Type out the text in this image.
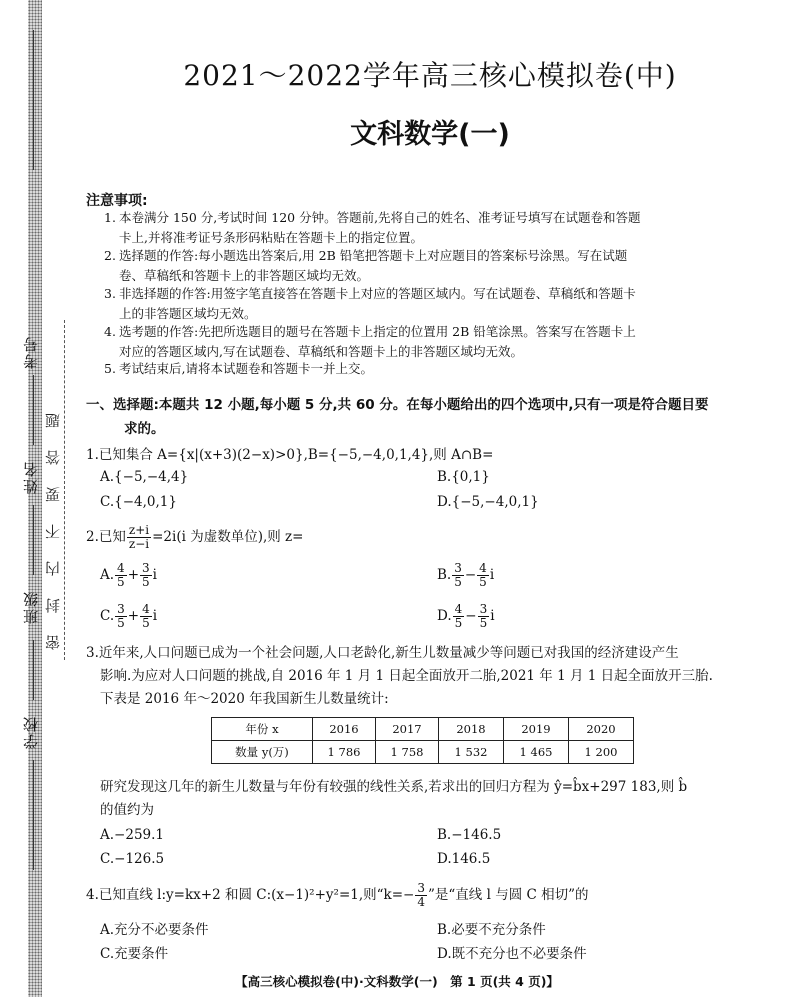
学校
班级
姓名
考号
密封内不要答题
2021～2022学年高三核心模拟卷(中)
文科数学(一)
注意事项:
1. 本卷满分 150 分,考试时间 120 分钟。答题前,先将自己的姓名、准考证号填写在试题卷和答题
卡上,并将准考证号条形码粘贴在答题卡上的指定位置。
2. 选择题的作答:每小题选出答案后,用 2B 铅笔把答题卡上对应题目的答案标号涂黑。写在试题
卷、草稿纸和答题卡上的非答题区域均无效。
3. 非选择题的作答:用签字笔直接答在答题卡上对应的答题区域内。写在试题卷、草稿纸和答题卡
上的非答题区域均无效。
4. 选考题的作答:先把所选题目的题号在答题卡上指定的位置用 2B 铅笔涂黑。答案写在答题卡上
对应的答题区域内,写在试题卷、草稿纸和答题卡上的非答题区域均无效。
5. 考试结束后,请将本试题卷和答题卡一并上交。
一、选择题:本题共 12 小题,每小题 5 分,共 60 分。在每小题给出的四个选项中,只有一项是符合题目要
求的。
1.已知集合 A={x|(x+3)(2−x)>0},B={−5,−4,0,1,4},则 A∩B=
A.{−5,−4,4}	B.{0,1}
C.{−4,0,1}	D.{−5,−4,0,1}
2.已知 $\frac{z+i}{z-i} =2i(i$ 为虚数单位),则 z=
A. $\frac{4}{5} + \frac{3}{5}$ i	B. $\frac{3}{5} - \frac{4}{5}$ i
C. $\frac{3}{5} + \frac{4}{5}$ i	D. $\frac{4}{5} - \frac{3}{5}$ i
3.近年来,人口问题已成为一个社会问题,人口老龄化,新生儿数量减少等问题已对我国的经济建设产生
影响.为应对人口问题的挑战,自 2016 年 1 月 1 日起全面放开二胎,2021 年 1 月 1 日起全面放开三胎.
下表是 2016 年～2020 年我国新生儿数量统计:
年份 x	2016	2017	2018	2019	2020
数量 y(万)	1 786	1 758	1 532	1 465	1 200
研究发现这几年的新生儿数量与年份有较强的线性关系,若求出的回归方程为 ŷ=b̂x+297 183,则 b̂
的值约为
A.−259.1	B.−146.5
C.−126.5	D.146.5
4.已知直线 l:y=kx+2 和圆 C:(x−1)²+y²=1,则“$k=- \frac{3}{4}$ ”是“直线 l 与圆 C 相切”的
A.充分不必要条件	B.必要不充分条件
C.充要条件	D.既不充分也不必要条件
【高三核心模拟卷(中)·文科数学(一)　第 1 页(共 4 页)】
